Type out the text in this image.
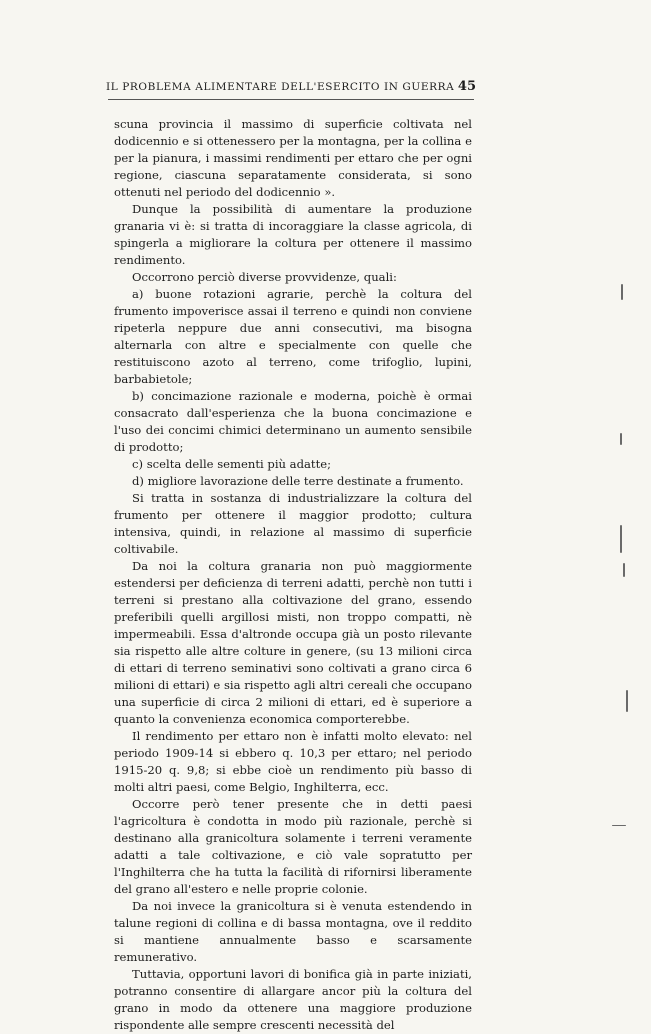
IL PROBLEMA ALIMENTARE DELL'ESERCITO IN GUERRA 45

scuna provincia il massimo di superficie coltivata nel dodicennio e si ottenessero per la montagna, per la collina e per la pianura, i massimi rendimenti per ettaro che per ogni regione, ciascuna separatamente considerata, si sono ottenuti nel periodo del dodicennio ».

Dunque la possibilità di aumentare la produzione granaria vi è: si tratta di incoraggiare la classe agricola, di spingerla a migliorare la coltura per ottenere il massimo rendimento.

Occorrono perciò diverse provvidenze, quali:

a) buone rotazioni agrarie, perchè la coltura del frumento impoverisce assai il terreno e quindi non conviene ripeterla neppure due anni consecutivi, ma bisogna alternarla con altre e specialmente con quelle che restituiscono azoto al terreno, come trifoglio, lupini, barbabietole;

b) concimazione razionale e moderna, poichè è ormai consacrato dall'esperienza che la buona concimazione e l'uso dei concimi chimici determinano un aumento sensibile di prodotto;

c) scelta delle sementi più adatte;

d) migliore lavorazione delle terre destinate a frumento.

Si tratta in sostanza di industrializzare la coltura del frumento per ottenere il maggior prodotto; cultura intensiva, quindi, in relazione al massimo di superficie coltivabile.

Da noi la coltura granaria non può maggiormente estendersi per deficienza di terreni adatti, perchè non tutti i terreni si prestano alla coltivazione del grano, essendo preferibili quelli argillosi misti, non troppo compatti, nè impermeabili. Essa d'altronde occupa già un posto rilevante sia rispetto alle altre colture in genere, (su 13 milioni circa di ettari di terreno seminativi sono coltivati a grano circa 6 milioni di ettari) e sia rispetto agli altri cereali che occupano una superficie di circa 2 milioni di ettari, ed è superiore a quanto la convenienza economica comporterebbe.

Il rendimento per ettaro non è infatti molto elevato: nel periodo 1909-14 si ebbero q. 10,3 per ettaro; nel periodo 1915-20 q. 9,8; si ebbe cioè un rendimento più basso di molti altri paesi, come Belgio, Inghilterra, ecc.

Occorre però tener presente che in detti paesi l'agricoltura è condotta in modo più razionale, perchè si destinano alla granicoltura solamente i terreni veramente adatti a tale coltivazione, e ciò vale sopratutto per l'Inghilterra che ha tutta la facilità di rifornirsi liberamente del grano all'estero e nelle proprie colonie.

Da noi invece la granicoltura si è venuta estendendo in talune regioni di collina e di bassa montagna, ove il reddito si mantiene annualmente basso e scarsamente remunerativo.

Tuttavia, opportuni lavori di bonifica già in parte iniziati, potranno consentire di allargare ancor più la coltura del grano in modo da ottenere una maggiore produzione rispondente alle sempre crescenti necessità del
